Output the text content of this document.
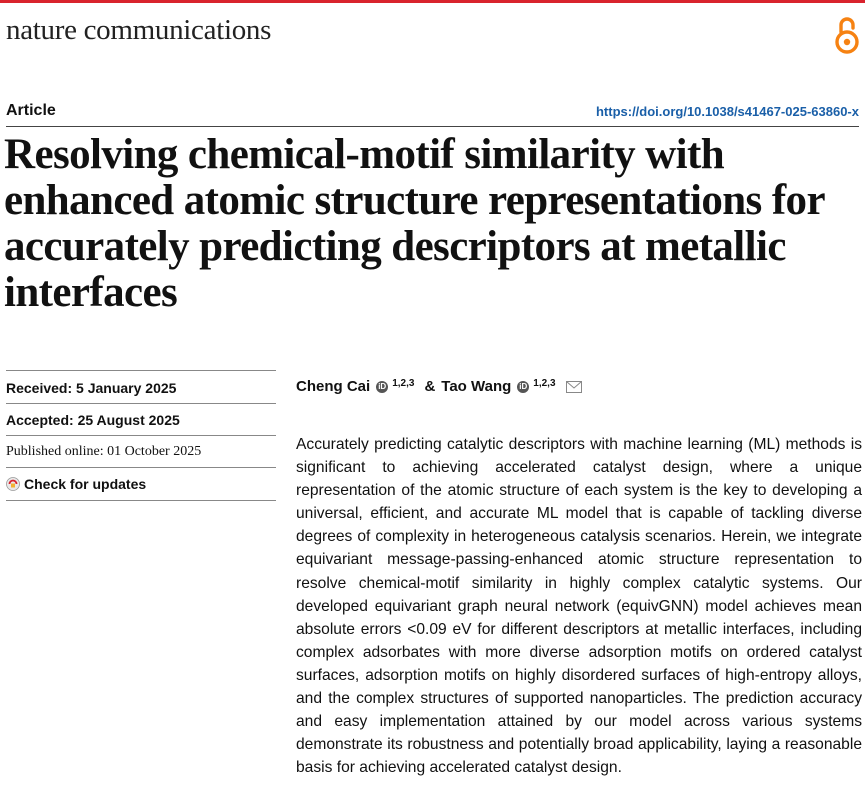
nature communications
Article	https://doi.org/10.1038/s41467-025-63860-x
Resolving chemical-motif similarity with enhanced atomic structure representations for accurately predicting descriptors at metallic interfaces
Received: 5 January 2025
Accepted: 25 August 2025
Published online: 01 October 2025
Check for updates
Cheng Cai iD 1,2,3 & Tao Wang iD 1,2,3

Accurately predicting catalytic descriptors with machine learning (ML) methods is significant to achieving accelerated catalyst design, where a unique representation of the atomic structure of each system is the key to developing a universal, efficient, and accurate ML model that is capable of tackling diverse degrees of complexity in heterogeneous catalysis scenarios. Herein, we integrate equivariant message-passing-enhanced atomic structure representation to resolve chemical-motif similarity in highly complex catalytic systems. Our developed equivariant graph neural network (equivGNN) model achieves mean absolute errors <0.09 eV for different descriptors at metallic interfaces, including complex adsorbates with more diverse adsorption motifs on ordered catalyst surfaces, adsorption motifs on highly disordered surfaces of high-entropy alloys, and the complex structures of supported nanoparticles. The prediction accuracy and easy implementation attained by our model across various systems demonstrate its robustness and potentially broad applicability, laying a reasonable basis for achieving accelerated catalyst design.
